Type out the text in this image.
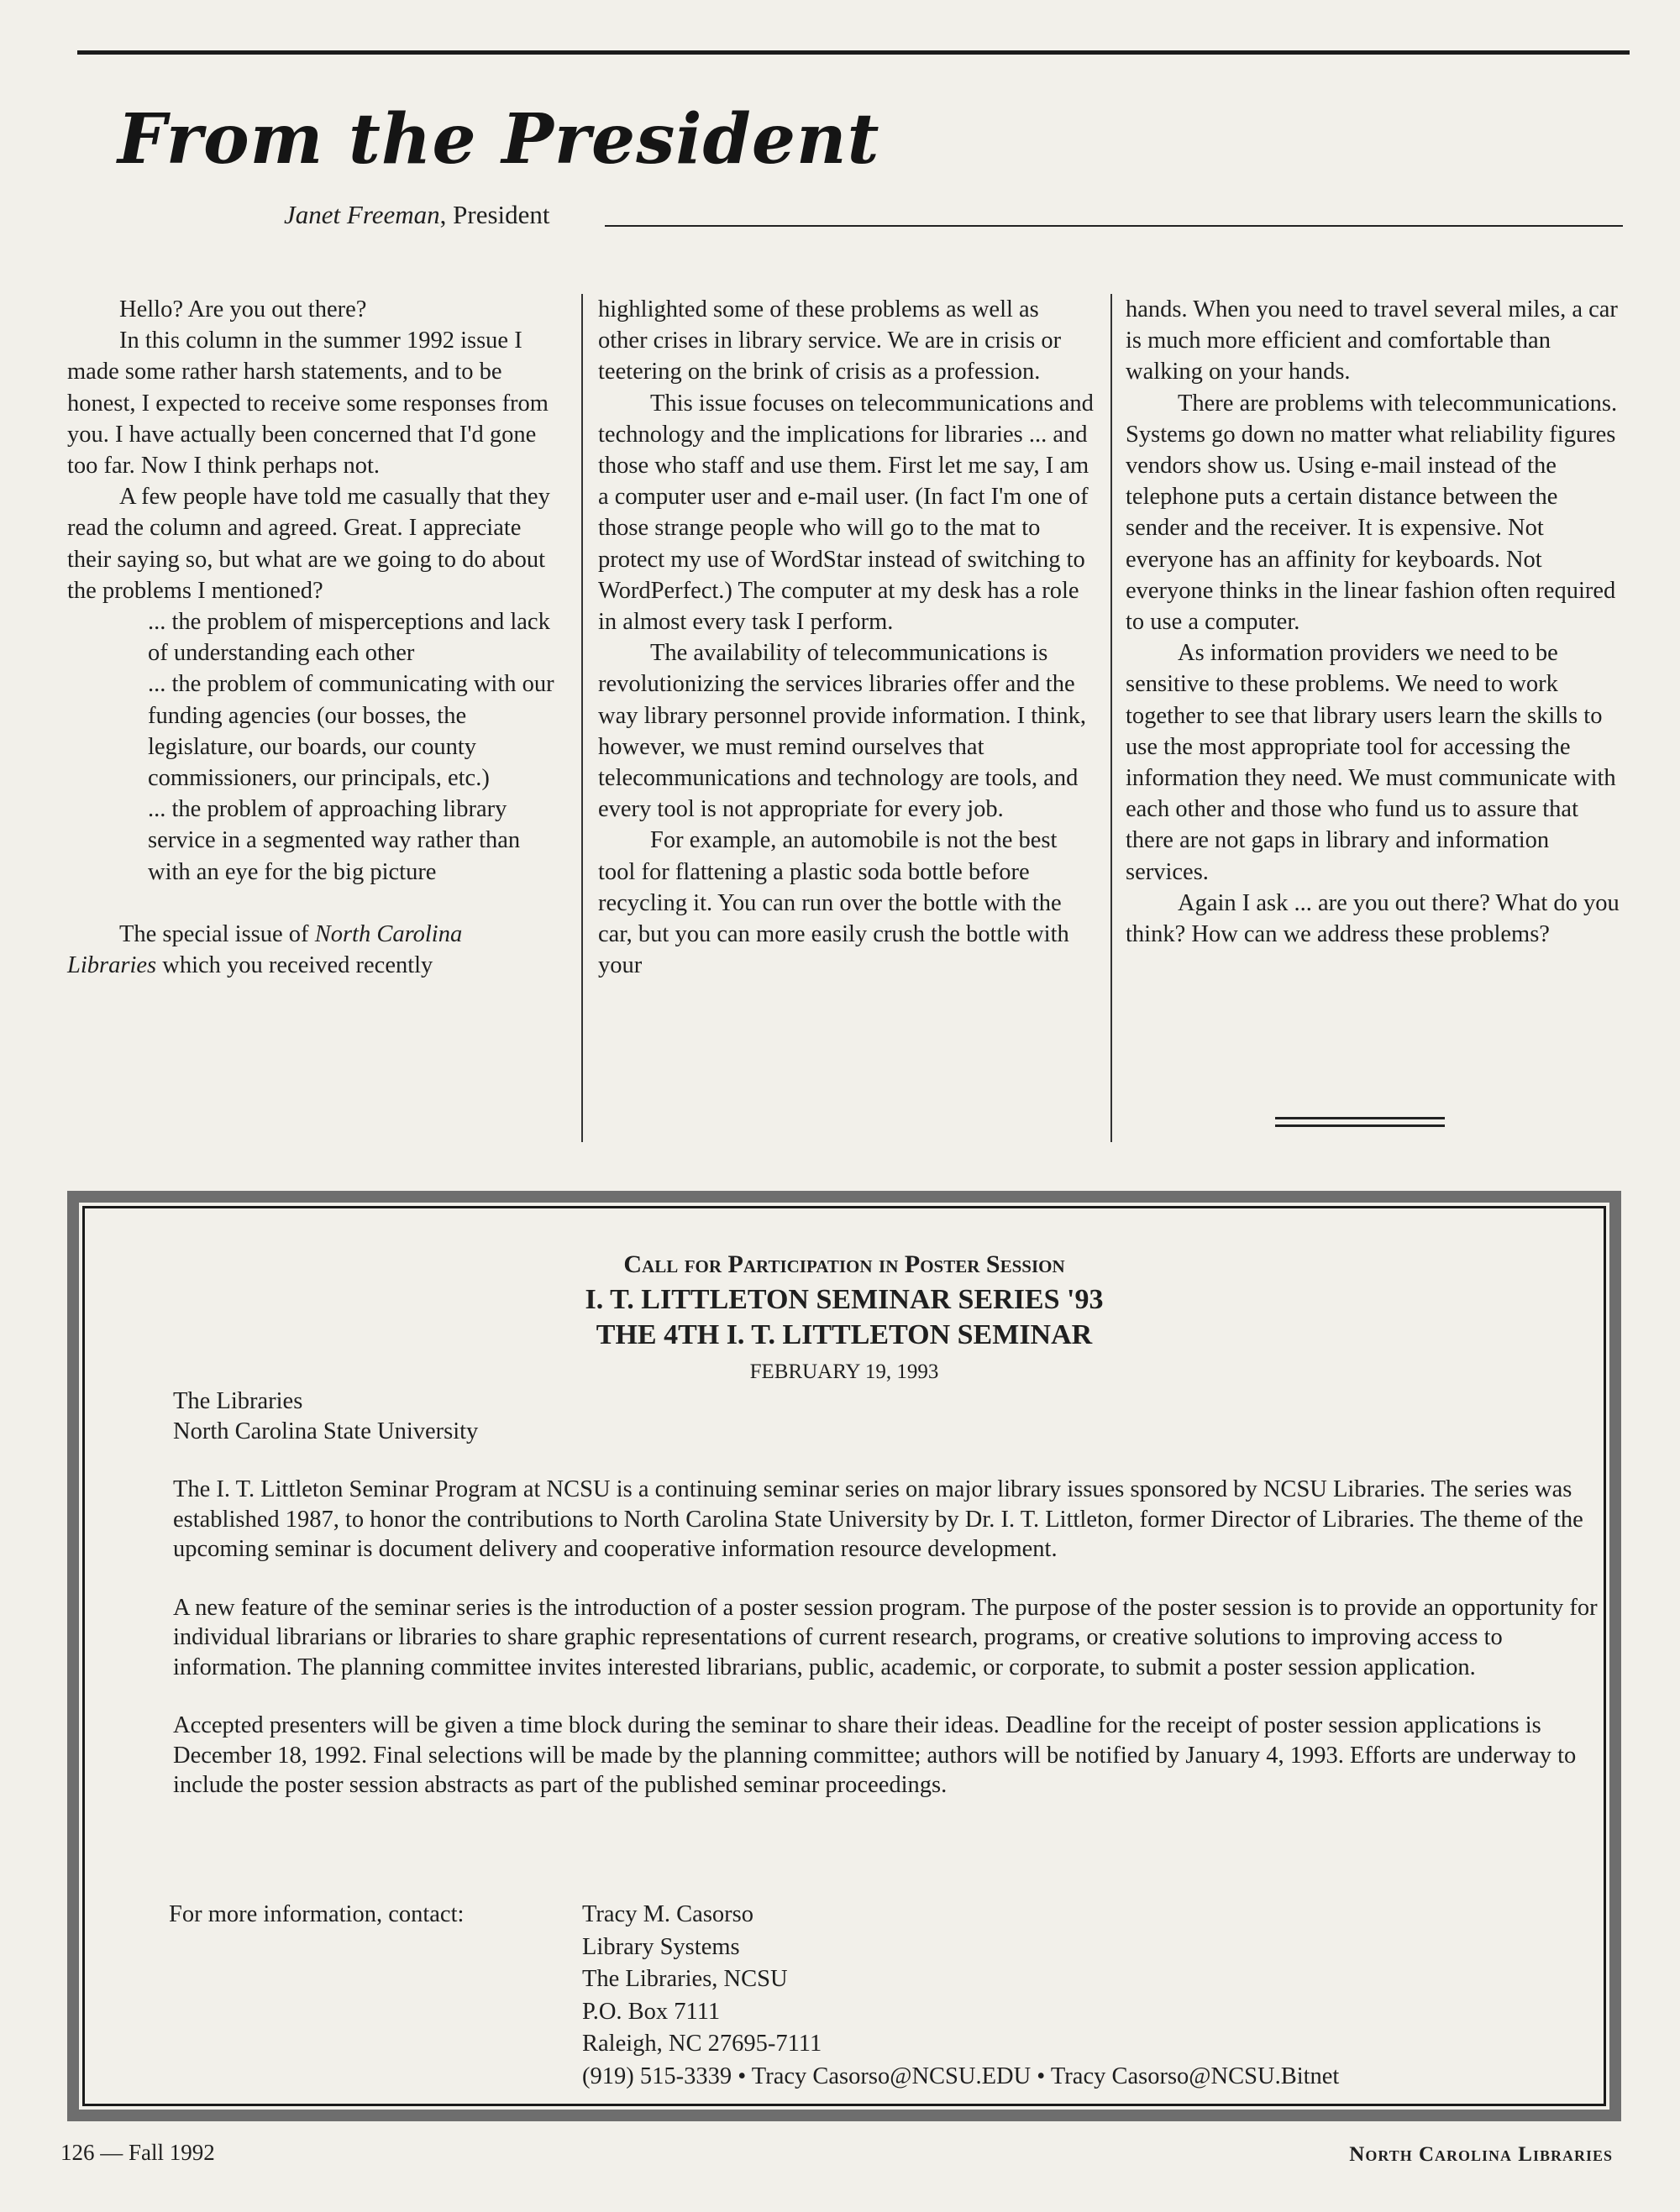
From the President
Janet Freeman, President

Hello? Are you out there?

In this column in the summer 1992 issue I made some rather harsh statements, and to be honest, I expected to receive some responses from you. I have actually been concerned that I'd gone too far. Now I think perhaps not.

A few people have told me casually that they read the column and agreed. Great. I appreciate their saying so, but what are we going to do about the problems I mentioned?

... the problem of misperceptions and lack of understanding each other

... the problem of communicating with our funding agencies (our bosses, the legislature, our boards, our county commissioners, our principals, etc.)

... the problem of approaching library service in a segmented way rather than with an eye for the big picture

The special issue of North Carolina Libraries which you received recently

highlighted some of these problems as well as other crises in library service. We are in crisis or teetering on the brink of crisis as a profession.

This issue focuses on telecommunications and technology and the implications for libraries ... and those who staff and use them. First let me say, I am a computer user and e-mail user. (In fact I'm one of those strange people who will go to the mat to protect my use of WordStar instead of switching to WordPerfect.) The computer at my desk has a role in almost every task I perform.

The availability of telecommunications is revolutionizing the services libraries offer and the way library personnel provide information. I think, however, we must remind ourselves that telecommunications and technology are tools, and every tool is not appropriate for every job.

For example, an automobile is not the best tool for flattening a plastic soda bottle before recycling it. You can run over the bottle with the car, but you can more easily crush the bottle with your

hands. When you need to travel several miles, a car is much more efficient and comfortable than walking on your hands.

There are problems with telecommunications. Systems go down no matter what reliability figures vendors show us. Using e-mail instead of the telephone puts a certain distance between the sender and the receiver. It is expensive. Not everyone has an affinity for keyboards. Not everyone thinks in the linear fashion often required to use a computer.

As information providers we need to be sensitive to these problems. We need to work together to see that library users learn the skills to use the most appropriate tool for accessing the information they need. We must communicate with each other and those who fund us to assure that there are not gaps in library and information services.

Again I ask ... are you out there? What do you think? How can we address these problems?

Call for Participation in Poster Session
I. T. LITTLETON SEMINAR SERIES '93
THE 4TH I. T. LITTLETON SEMINAR
FEBRUARY 19, 1993

The Libraries
North Carolina State University

The I. T. Littleton Seminar Program at NCSU is a continuing seminar series on major library issues sponsored by NCSU Libraries. The series was established 1987, to honor the contributions to North Carolina State University by Dr. I. T. Littleton, former Director of Libraries. The theme of the upcoming seminar is document delivery and cooperative information resource development.

A new feature of the seminar series is the introduction of a poster session program. The purpose of the poster session is to provide an opportunity for individual librarians or libraries to share graphic representations of current research, programs, or creative solutions to improving access to information. The planning committee invites interested librarians, public, academic, or corporate, to submit a poster session application.

Accepted presenters will be given a time block during the seminar to share their ideas. Deadline for the receipt of poster session applications is December 18, 1992. Final selections will be made by the planning committee; authors will be notified by January 4, 1993. Efforts are underway to include the poster session abstracts as part of the published seminar proceedings.

For more information, contact:	Tracy M. Casorso
Library Systems
The Libraries, NCSU
P.O. Box 7111
Raleigh, NC 27695-7111
(919) 515-3339 • Tracy Casorso@NCSU.EDU • Tracy Casorso@NCSU.Bitnet
126 — Fall 1992	North Carolina Libraries
